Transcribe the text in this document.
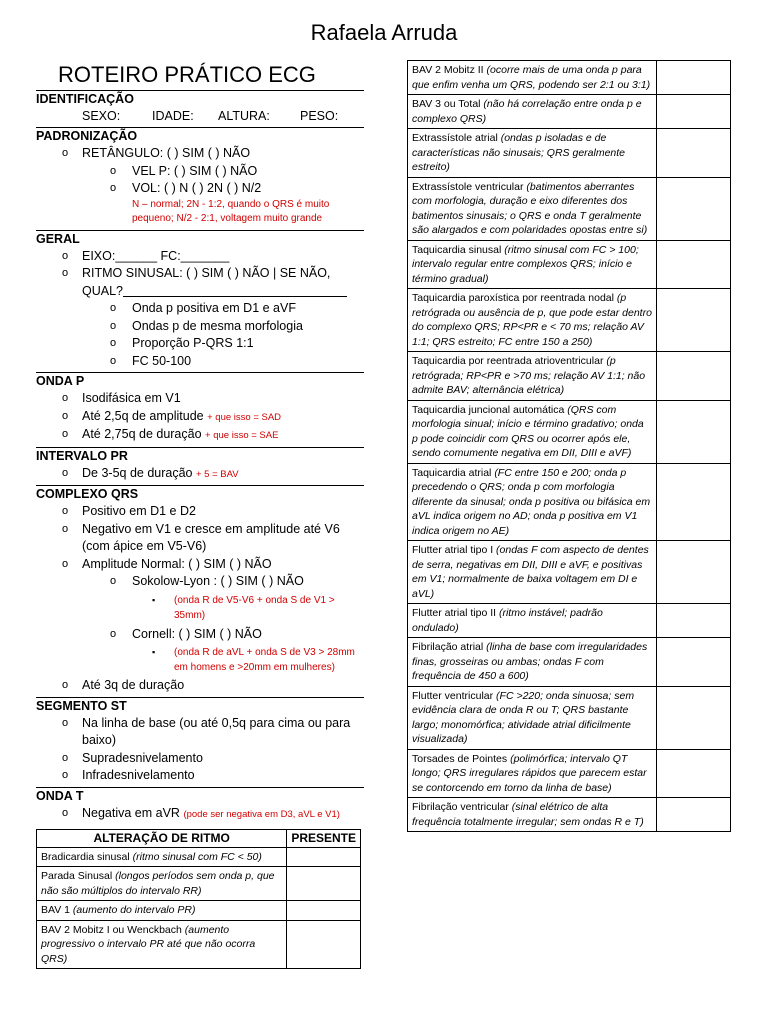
Rafaela Arruda
ROTEIRO PRÁTICO ECG
IDENTIFICAÇÃO
SEXO:	IDADE: ALTURA: PESO:
PADRONIZAÇÃO
o RETÂNGULO: ( ) SIM ( ) NÃO
o VEL P: ( ) SIM ( ) NÃO
o VOL: ( ) N ( ) 2N ( ) N/2
N – normal; 2N - 1:2, quando o QRS é muito pequeno; N/2 - 2:1, voltagem muito grande
GERAL
o EIXO:______ FC:_______
o RITMO SINUSAL: ( ) SIM ( ) NÃO | SE NÃO,
QUAL?
o Onda p positiva em D1 e aVF
o Ondas p de mesma morfologia
o Proporção P-QRS 1:1
o FC 50-100
ONDA P
o Isodifásica em V1
o Até 2,5q de amplitude + que isso = SAD
o Até 2,75q de duração + que isso = SAE
INTERVALO PR
o De 3-5q de duração + 5 = BAV
COMPLEXO QRS
o Positivo em D1 e D2
o Negativo em V1 e cresce em amplitude até V6
(com ápice em V5-V6)
o Amplitude Normal: ( ) SIM ( ) NÃO
o Sokolow-Lyon : ( ) SIM ( ) NÃO
▪ (onda R de V5-V6 + onda S de V1 >
35mm)
o Cornell: ( ) SIM ( ) NÃO
▪ (onda R de aVL + onda S de V3 > 28mm
em homens e >20mm em mulheres)
o Até 3q de duração
SEGMENTO ST
o Na linha de base (ou até 0,5q para cima ou para
baixo)
o Supradesnivelamento
o Infradesnivelamento
ONDA T
o Negativa em aVR (pode ser negativa em D3, aVL e V1)
ALTERAÇÃO DE RITMO	PRESENTE
Bradicardia sinusal (ritmo sinusal com FC < 50)	
Parada Sinusal (longos períodos sem onda p, que não são múltiplos do intervalo RR)	
BAV 1 (aumento do intervalo PR)	
BAV 2 Mobitz I ou Wenckbach (aumento progressivo o intervalo PR até que não ocorra QRS)	
BAV 2 Mobitz II (ocorre mais de uma onda p para que enfim venha um QRS, podendo ser 2:1 ou 3:1)	
BAV 3 ou Total (não há correlação entre onda p e complexo QRS)	
Extrassístole atrial (ondas p isoladas e de características não sinusais; QRS geralmente estreito)	
Extrassístole ventricular (batimentos aberrantes com morfologia, duração e eixo diferentes dos batimentos sinusais; o QRS e onda T geralmente são alargados e com polaridades opostas entre si)	
Taquicardia sinusal (ritmo sinusal com FC > 100; intervalo regular entre complexos QRS; início e término gradual)	
Taquicardia paroxística por reentrada nodal (p retrógrada ou ausência de p, que pode estar dentro do complexo QRS; RP<PR e < 70 ms; relação AV 1:1; QRS estreito; FC entre 150 a 250)	
Taquicardia por reentrada atrioventricular (p retrógrada; RP<PR e >70 ms; relação AV 1:1; não admite BAV; alternância elétrica)	
Taquicardia juncional automática (QRS com morfologia sinual; início e término gradativo; onda p pode coincidir com QRS ou ocorrer após ele, sendo comumente negativa em DII, DIII e aVF)	
Taquicardia atrial (FC entre 150 e 200; onda p precedendo o QRS; onda p com morfologia diferente da sinusal; onda p positiva ou bifásica em aVL indica origem no AD; onda p positiva em V1 indica origem no AE)	
Flutter atrial tipo I (ondas F com aspecto de dentes de serra, negativas em DII, DIII e aVF, e positivas em V1; normalmente de baixa voltagem em DI e aVL)	
Flutter atrial tipo II (ritmo instável; padrão ondulado)	
Fibrilação atrial (linha de base com irregularidades finas, grosseiras ou ambas; ondas F com frequência de 450 a 600)	
Flutter ventricular (FC >220; onda sinuosa; sem evidência clara de onda R ou T; QRS bastante largo; monomórfica; atividade atrial dificilmente visualizada)	
Torsades de Pointes (polimórfica; intervalo QT longo; QRS irregulares rápidos que parecem estar se contorcendo em torno da linha de base)	
Fibrilação ventricular (sinal elétrico de alta frequência totalmente irregular; sem ondas R e T)	
